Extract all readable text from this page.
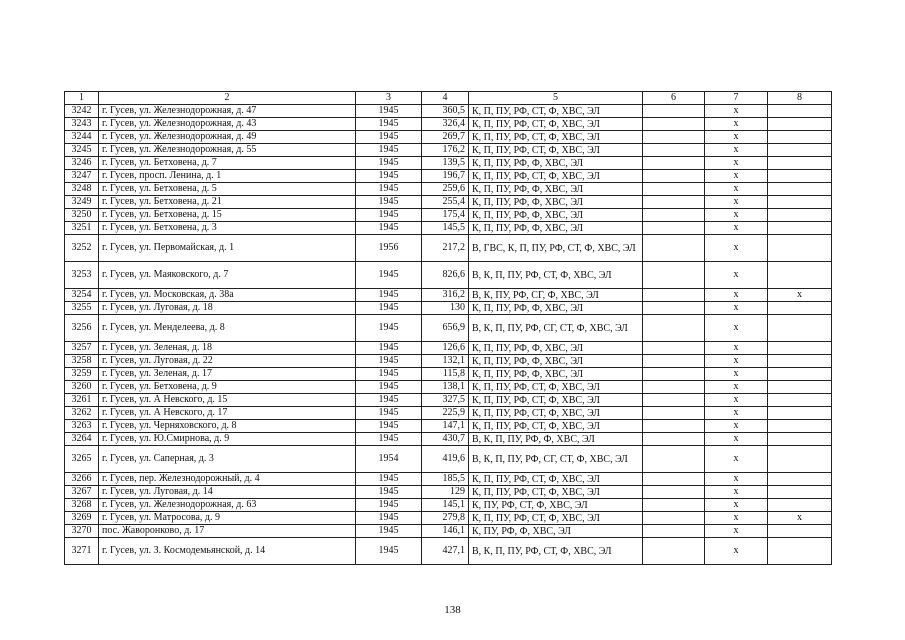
1	2	3	4	5	6	7	8
3242	г. Гусев, ул. Железнодорожная, д. 47	1945	360,5	К, П, ПУ, РФ, СТ, Ф, ХВС, ЭЛ		х	
3243	г. Гусев, ул. Железнодорожная, д. 43	1945	326,4	К, П, ПУ, РФ, СТ, Ф, ХВС, ЭЛ		х	
3244	г. Гусев, ул. Железнодорожная, д. 49	1945	269,7	К, П, ПУ, РФ, СТ, Ф, ХВС, ЭЛ		х	
3245	г. Гусев, ул. Железнодорожная, д. 55	1945	176,2	К, П, ПУ, РФ, СТ, Ф, ХВС, ЭЛ		х	
3246	г. Гусев, ул. Бетховена, д. 7	1945	139,5	К, П, ПУ, РФ, Ф, ХВС, ЭЛ		х	
3247	г. Гусев, просп. Ленина, д. 1	1945	196,7	К, П, ПУ, РФ, СТ, Ф, ХВС, ЭЛ		х	
3248	г. Гусев, ул. Бетховена, д. 5	1945	259,6	К, П, ПУ, РФ, Ф, ХВС, ЭЛ		х	
3249	г. Гусев, ул. Бетховена, д. 21	1945	255,4	К, П, ПУ, РФ, Ф, ХВС, ЭЛ		х	
3250	г. Гусев, ул. Бетховена, д. 15	1945	175,4	К, П, ПУ, РФ, Ф, ХВС, ЭЛ		х	
3251	г. Гусев, ул. Бетховена, д. 3	1945	145,5	К, П, ПУ, РФ, Ф, ХВС, ЭЛ		х	
3252	г. Гусев, ул. Первомайская, д. 1	1956	217,2	В, ГВС, К, П, ПУ, РФ, СТ, Ф, ХВС, ЭЛ		х	
3253	г. Гусев, ул. Маяковского, д. 7	1945	826,6	В, К, П, ПУ, РФ, СТ, Ф, ХВС, ЭЛ		х	
3254	г. Гусев, ул. Московская, д. 38а	1945	316,2	В, К, ПУ, РФ, СГ, Ф, ХВС, ЭЛ		х	х
3255	г. Гусев, ул. Луговая, д. 18	1945	130	К, П, ПУ, РФ, Ф, ХВС, ЭЛ		х	
3256	г. Гусев, ул. Менделеева, д. 8	1945	656,9	В, К, П, ПУ, РФ, СГ, СТ, Ф, ХВС, ЭЛ		х	
3257	г. Гусев, ул. Зеленая, д. 18	1945	126,6	К, П, ПУ, РФ, Ф, ХВС, ЭЛ		х	
3258	г. Гусев, ул. Луговая, д. 22	1945	132,1	К, П, ПУ, РФ, Ф, ХВС, ЭЛ		х	
3259	г. Гусев, ул. Зеленая, д. 17	1945	115,8	К, П, ПУ, РФ, Ф, ХВС, ЭЛ		х	
3260	г. Гусев, ул. Бетховена, д. 9	1945	138,1	К, П, ПУ, РФ, СТ, Ф, ХВС, ЭЛ		х	
3261	г. Гусев, ул. А Невского, д. 15	1945	327,5	К, П, ПУ, РФ, СТ, Ф, ХВС, ЭЛ		х	
3262	г. Гусев, ул. А Невского, д. 17	1945	225,9	К, П, ПУ, РФ, СТ, Ф, ХВС, ЭЛ		х	
3263	г. Гусев, ул. Черняховского, д. 8	1945	147,1	К, П, ПУ, РФ, СТ, Ф, ХВС, ЭЛ		х	
3264	г. Гусев, ул. Ю.Смирнова, д. 9	1945	430,7	В, К, П, ПУ, РФ, Ф, ХВС, ЭЛ		х	
3265	г. Гусев, ул. Саперная, д. 3	1954	419,6	В, К, П, ПУ, РФ, СГ, СТ, Ф, ХВС, ЭЛ		х	
3266	г. Гусев, пер. Железнодорожный, д. 4	1945	185,5	К, П, ПУ, РФ, СТ, Ф, ХВС, ЭЛ		х	
3267	г. Гусев, ул. Луговая, д. 14	1945	129	К, П, ПУ, РФ, СТ, Ф, ХВС, ЭЛ		х	
3268	г. Гусев, ул. Железнодорожная, д. 63	1945	145,1	К, ПУ, РФ, СТ, Ф, ХВС, ЭЛ		х	
3269	г. Гусев, ул. Матросова, д. 9	1945	279,8	К, П, ПУ, РФ, СТ, Ф, ХВС, ЭЛ		х	х
3270	пос. Жаворонково, д. 17	1945	146,1	К, ПУ, РФ, Ф, ХВС, ЭЛ		х	
3271	г. Гусев, ул. З. Космодемьянской, д. 14	1945	427,1	В, К, П, ПУ, РФ, СТ, Ф, ХВС, ЭЛ		х	
138
